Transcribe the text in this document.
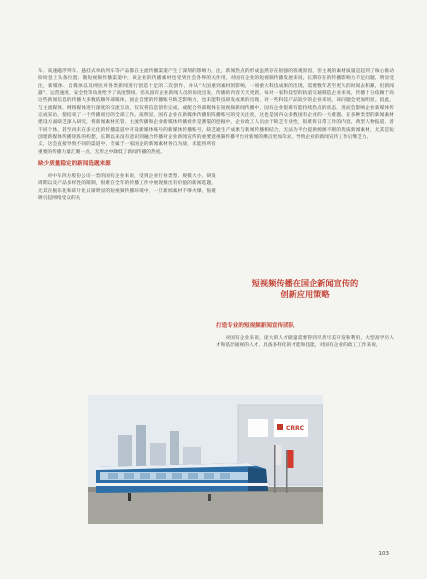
车、高速磁浮列车、悬挂式单轨列车等产品都在主流传播渠道产生了深刻的影响力，纷纷登上头条位置；微短视频传播渠道中，该企业的传播素材也受到社会各界的关注，新媒体、自媒体以及网民对各类新闻进行创造十足的二次创作，并从“大国重器”、运营速度、安全性等角度给予了高度赞扬。但从国有企业新闻人员的角度出发，这些新闻信息的传播大多数依赖外部媒体，国企自建的传播账号缺乏影响力，也未能与主流媒体、网络媒体进行深度的交流互动，仅仅将信息创作完成，或配合外部媒体完成采访，使结束了一个传播项目的全部工作。质明显，国有企业在新媒体传播矩阵建设方面缺乏深入研究，将新闻素材托管、主流传播和企业新媒体传播看作是割裂的不同个体，甚至再未在多元化的传播渠道中开设新媒体账号的新媒体传播账号，缺乏创建新媒体传播矩阵的构想，长期以来没有意识到融合传播对企业新闻宣传的重要意义，这会直接导致不同的渠道中，专属于一家国企的新闻素材各自为战，未能将所有重要的传播力量汇聚一点，无形之中降低了新闻传播的热度。

缺少质量稳定的新闻选题来源

对中车四方股份公司一类的国有企业来说，受到企业行业类型、规模大小、研发周期以及产品多样性的限制，很难在全年的传播工作中展现推出有价值的新闻选题，尤其在极乐化和碎片化日渐明显的短视频传播环境中，一旦新闻素材不够火爆，很难吸引起网络受众的关

注，新闻热点的形成虽然存在很强的客观原因，但主观的素材质量是起到了核心推动作用，对国有企业的短视频传播发展来说，长期存在的传播影响力不足问题，明显受到素材的影响，一项重大科技成果的出现，需要数年甚至更久的时间去积累，但新闻传播的内容天天更新，每对一家科技型的轨道交通制造企业来说，传播十分依赖于高科技研发成果的出现，对一些科技产品较少的企业来说，该问题会更加明显。因此，在短视频新闻传播中，国有企业很难有能持续热点的状态，进而会影响企业新媒体传播账号的受关注度，这也是国内众多数国有企业的一大难题。在多种类型的新闻素材挖掘中，企业政工人员由于缺乏专业性，很难将日常工作的内容，典型人物报道、普通生产成果与新闻传播相结合，无法为平台提供源源不断的优质新闻素材，尤其是短视频传播平台对新闻的爆点更加苛求，导致企业的新闻宣传工作后继乏力。

短视频传播在国企新闻宣传的
创新应用策略
打造专业的短视频新闻宣传团队

对国有企业来说，庞大的人才储量需要得到尽善尽美开发和利用，大型高学历人才和基层通视的人才，具备多样化的才能和技能，对国有企业的政工工作来说，

CRRC
103
